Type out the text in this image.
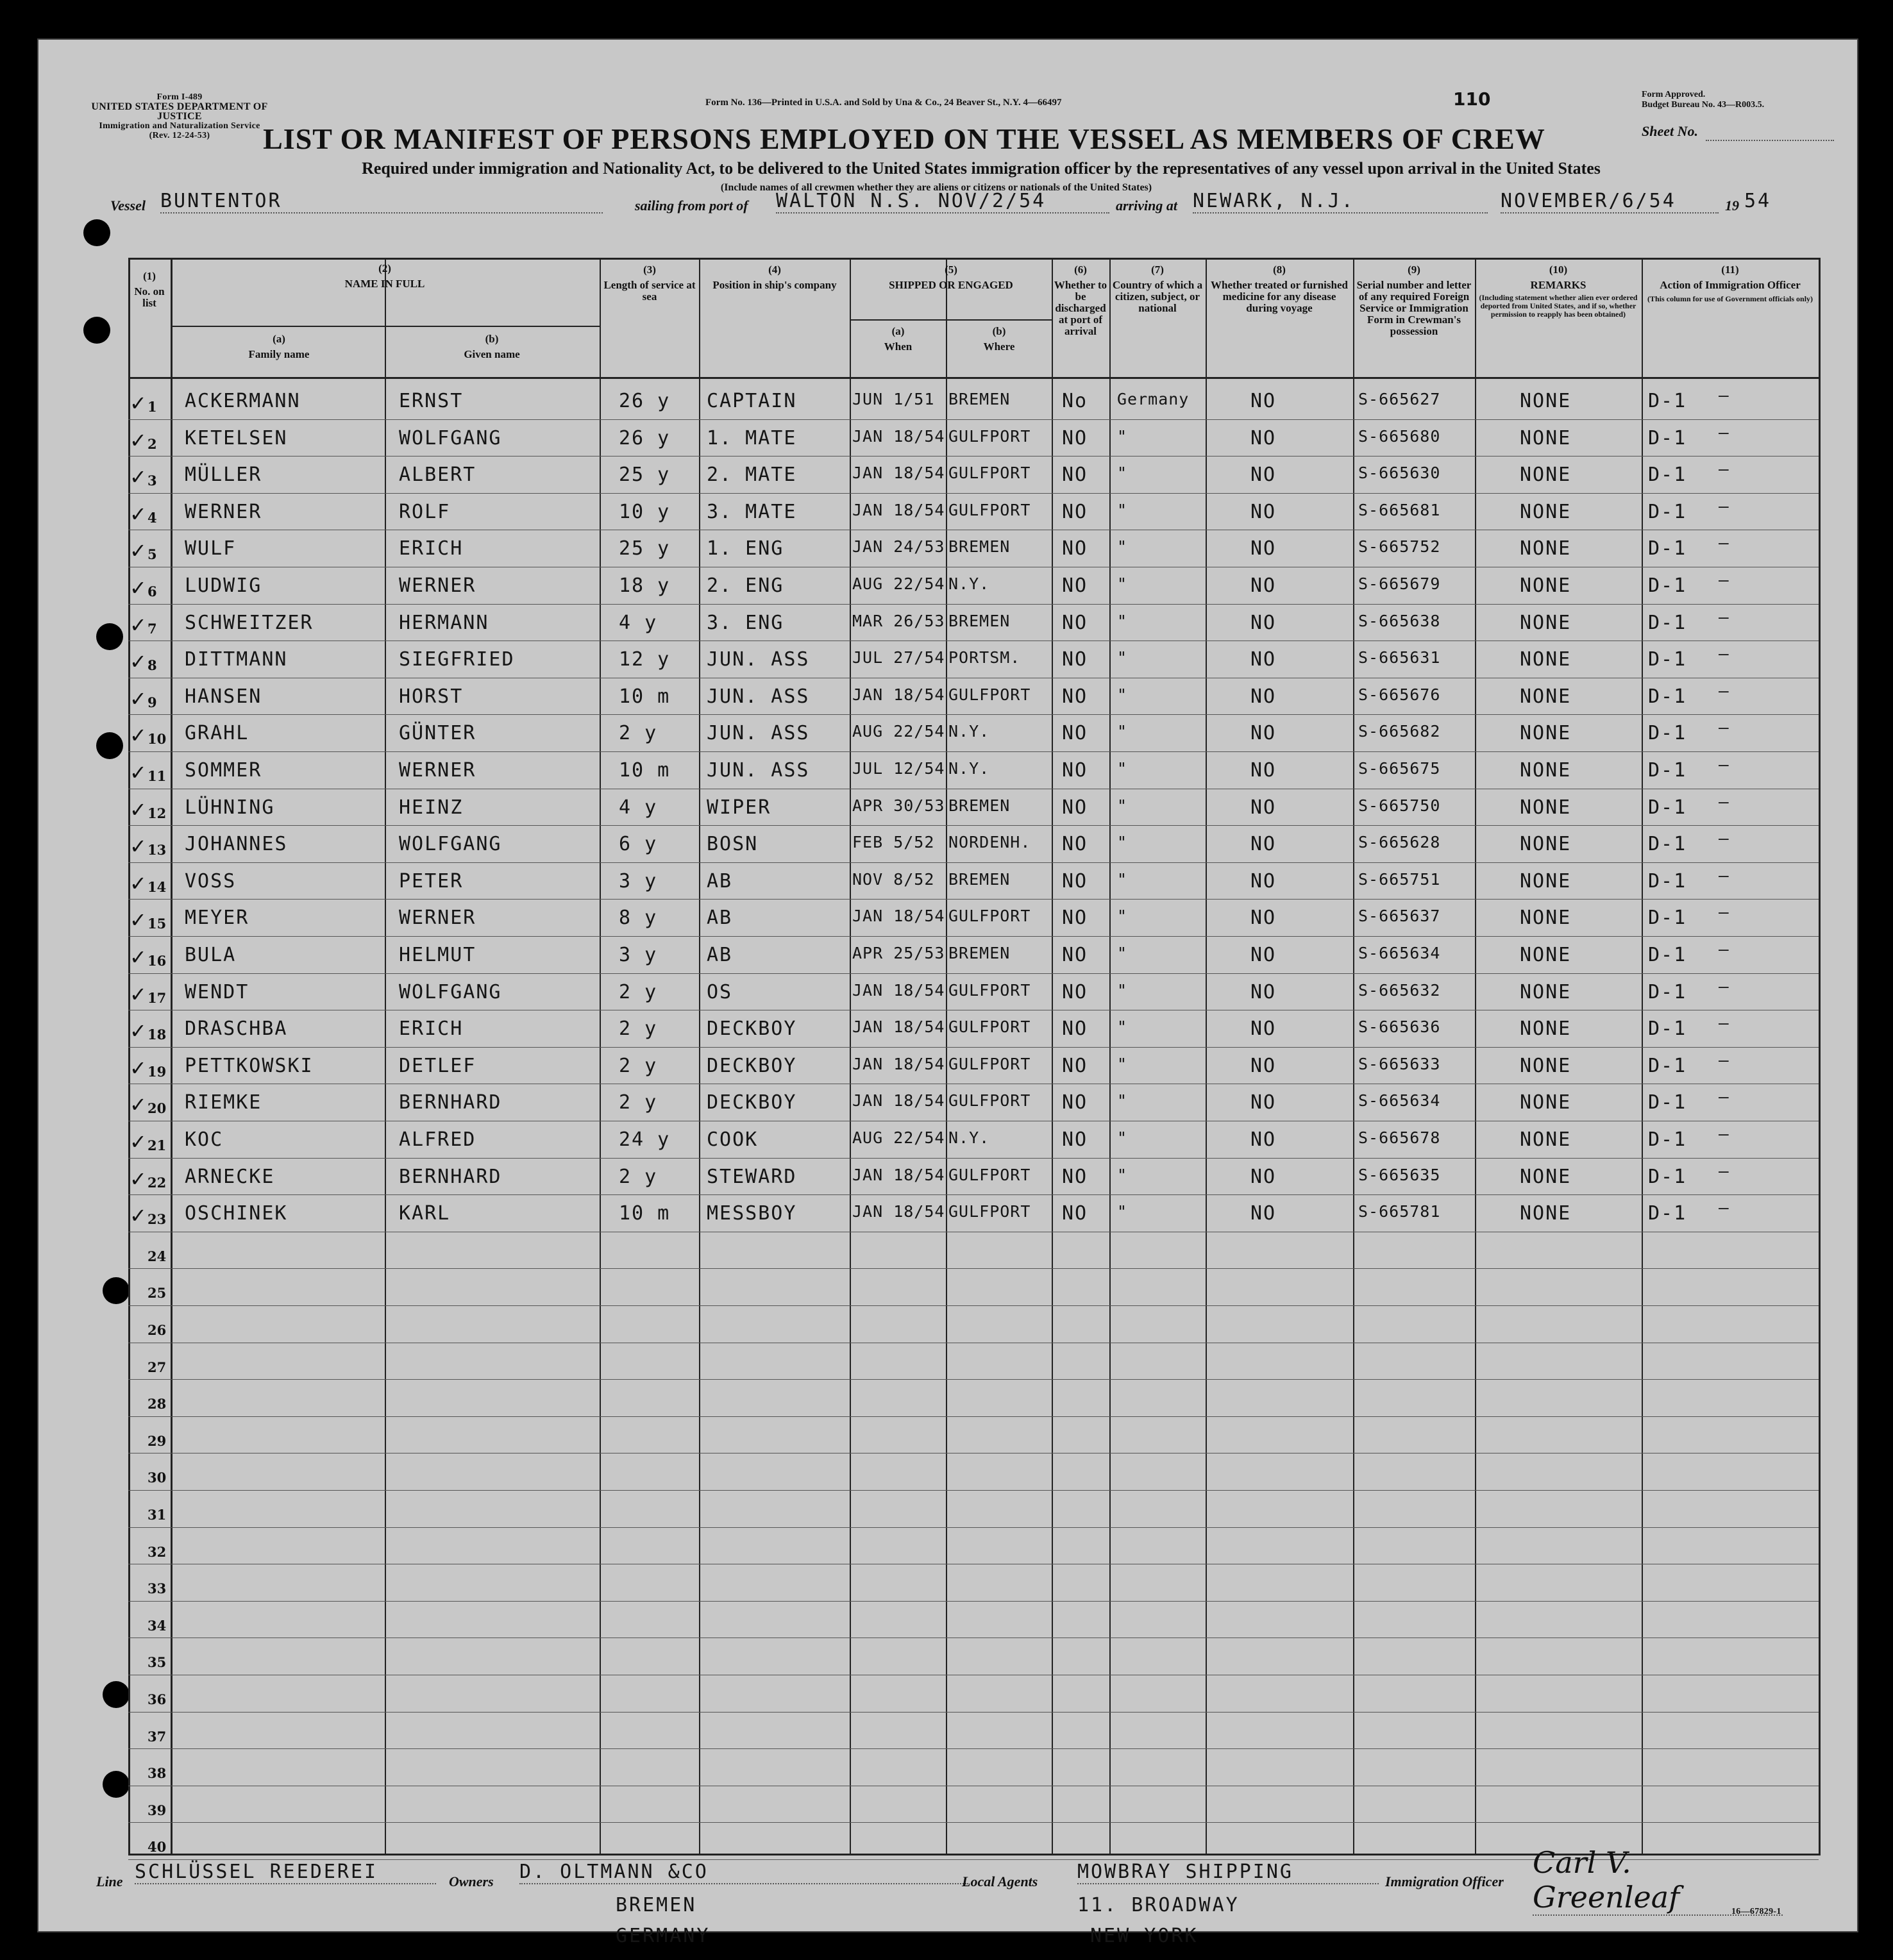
Form I-489
UNITED STATES DEPARTMENT OF JUSTICE
Immigration and Naturalization Service
(Rev. 12-24-53)
Form No. 136—Printed in U.S.A. and Sold by Una & Co., 24 Beaver St., N.Y. 4—66497	110	Form Approved.
Budget Bureau No. 43—R003.5.
Sheet No.
LIST OR MANIFEST OF PERSONS EMPLOYED ON THE VESSEL AS MEMBERS OF CREW
Required under immigration and Nationality Act, to be delivered to the United States immigration officer by the representatives of any vessel upon arrival in the United States
(Include names of all crewmen whether they are aliens or citizens or nationals of the United States)
Vessel BUNTENTOR	sailing from port of WALTON N.S. NOV/2/54	arriving at NEWARK, N.J.	NOVEMBER/6/54	19 54
(1)
No. on list
(2)
NAME IN FULL
(a)
Family name
(b)
Given name
(3)
Length of service at sea
(4)
Position in ship's company
(5)
SHIPPED OR ENGAGED
(a)
When
(b)
Where
(6)
Whether to be discharged at port of arrival
(7)
Country of which a citizen, subject, or national
(8)
Whether treated or furnished medicine for any disease during voyage
(9)
Serial number and letter of any required Foreign Service or Immigration Form in Crewman's possession
(10)
REMARKS
(Including statement whether alien ever ordered deported from United States, and if so, whether permission to reapply has been obtained)
(11)
Action of Immigration Officer
(This column for use of Government officials only)
1
✓ ACKERMANN	ERNST	26 y CAPTAIN	JUN 1/51 BREMEN	No Germany	NO	S-665627	NONE	D-1 —
2
✓ KETELSEN	WOLFGANG	26 y 1. MATE	JAN 18/54 GULFPORT NO "	NO	S-665680	NONE	D-1 —
3
✓ MÜLLER	ALBERT	25 y 2. MATE	JAN 18/54 GULFPORT NO "	NO	S-665630	NONE	D-1 —
4
✓ WERNER	ROLF	10 y 3. MATE	JAN 18/54 GULFPORT NO "	NO	S-665681	NONE	D-1 —
5
✓ WULF	ERICH	25 y 1. ENG	JAN 24/53 BREMEN	NO "	NO	S-665752	NONE	D-1 —
6
✓ LUDWIG	WERNER	18 y 2. ENG	AUG 22/54 N.Y.	NO "	NO	S-665679	NONE	D-1 —
7
✓ SCHWEITZER	HERMANN	4 y	3. ENG	MAR 26/53 BREMEN	NO "	NO	S-665638	NONE	D-1 —
8
✓ DITTMANN	SIEGFRIED	12 y JUN. ASS	JUL 27/54 PORTSM. NO "	NO	S-665631	NONE	D-1 —
9
✓ HANSEN	HORST	10 m JUN. ASS	JAN 18/54 GULFPORT NO "	NO	S-665676	NONE	D-1 —
10
✓ GRAHL	GÜNTER	2 y	JUN. ASS	AUG 22/54 N.Y.	NO "	NO	S-665682	NONE	D-1 —
11
✓ SOMMER	WERNER	10 m JUN. ASS	JUL 12/54 N.Y.	NO "	NO	S-665675	NONE	D-1 —
12
✓ LÜHNING	HEINZ	4 y	WIPER	APR 30/53 BREMEN	NO "	NO	S-665750	NONE	D-1 —
13
✓ JOHANNES	WOLFGANG	6 y	BOSN	FEB 5/52 NORDENH. NO "	NO	S-665628	NONE	D-1 —
14
✓ VOSS	PETER	3 y	AB	NOV 8/52 BREMEN	NO "	NO	S-665751	NONE	D-1 —
15
✓ MEYER	WERNER	8 y	AB	JAN 18/54 GULFPORT NO "	NO	S-665637	NONE	D-1 —
16
✓ BULA	HELMUT	3 y	AB	APR 25/53 BREMEN	NO "	NO	S-665634	NONE	D-1 —
17
✓ WENDT	WOLFGANG	2 y	OS	JAN 18/54 GULFPORT NO "	NO	S-665632	NONE	D-1 —
18
✓ DRASCHBA	ERICH	2 y	DECKBOY	JAN 18/54 GULFPORT NO "	NO	S-665636	NONE	D-1 —
19
✓ PETTKOWSKI	DETLEF	2 y	DECKBOY	JAN 18/54 GULFPORT NO "	NO	S-665633	NONE	D-1 —
20
✓ RIEMKE	BERNHARD	2 y	DECKBOY	JAN 18/54 GULFPORT NO "	NO	S-665634	NONE	D-1 —
21
✓ KOC	ALFRED	24 y COOK	AUG 22/54 N.Y.	NO "	NO	S-665678	NONE	D-1 —
22
✓ ARNECKE	BERNHARD	2 y	STEWARD	JAN 18/54 GULFPORT NO "	NO	S-665635	NONE	D-1 —
23
✓ OSCHINEK	KARL	10 m MESSBOY	JAN 18/54 GULFPORT NO "	NO	S-665781	NONE	D-1 —
24
25
26
27
28
29
30
31
32
33
34
35
36
37
38
39
40
Line SCHLÜSSEL REEDEREI	Owners D. OLTMANN &CO
BREMEN
GERMANY
Local Agents MOWBRAY SHIPPING
11. BROADWAY
NEW YORK
Immigration Officer
Carl V. Greenleaf	16—67829-1
